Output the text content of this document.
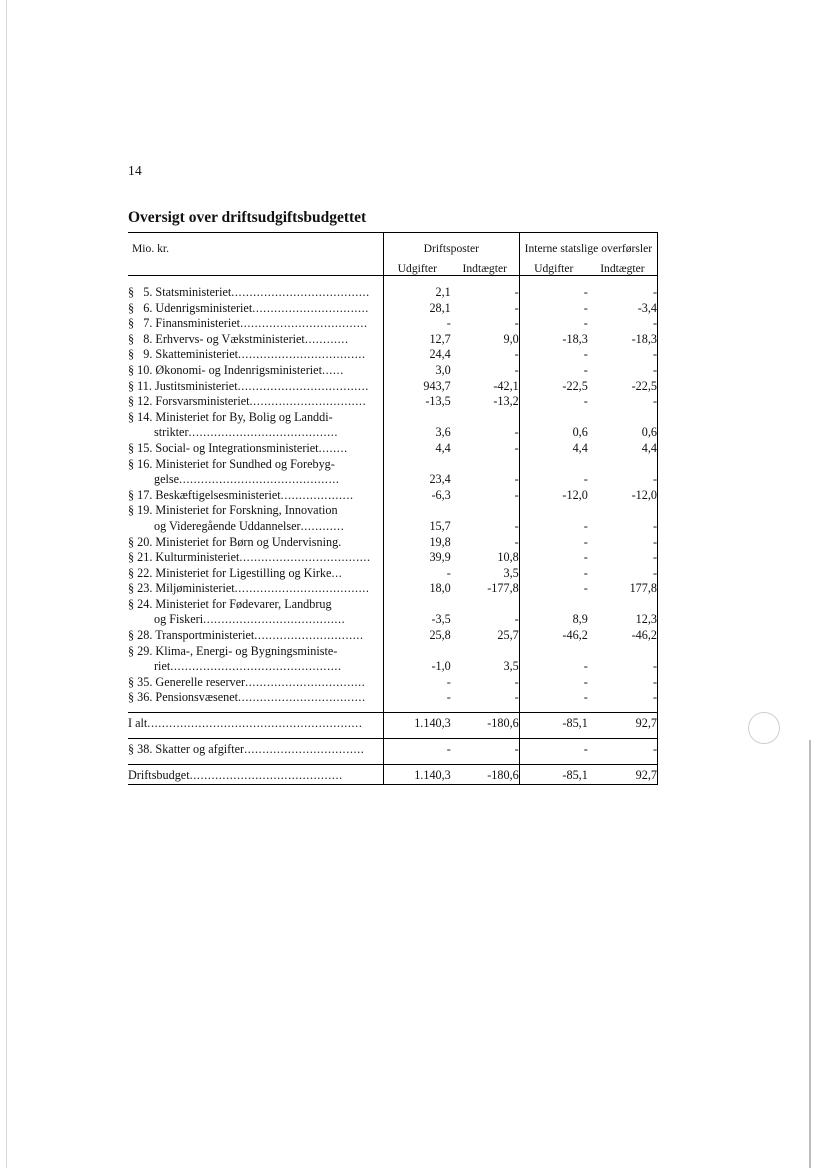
14
Oversigt over driftsudgiftsbudgettet
Mio. kr.	Driftsposter		Interne statslige overførsler	
	Udgifter	Indtægter	Udgifter	Indtægter

§   5. Statsministeriet......................................	2,1	-	-	-
§   6. Udenrigsministeriet................................	28,1	-	-	-3,4
§   7. Finansministeriet...................................	-	-	-	-
§   8. Erhvervs- og Vækstministeriet............	12,7	9,0	-18,3	-18,3
§   9. Skatteministeriet...................................	24,4	-	-	-
§ 10. Økonomi- og Indenrigsministeriet......	3,0	-	-	-
§ 11. Justitsministeriet....................................	943,7	-42,1	-22,5	-22,5
§ 12. Forsvarsministeriet................................	-13,5	-13,2	-	-
§ 14. Ministeriet for By, Bolig og Landdi-				
strikter.........................................	3,6	-	0,6	0,6
§ 15. Social- og Integrationsministeriet........	4,4	-	4,4	4,4
§ 16. Ministeriet for Sundhed og Forebyg-				
gelse............................................	23,4	-	-	-
§ 17. Beskæftigelsesministeriet....................	-6,3	-	-12,0	-12,0
§ 19. Ministeriet for Forskning, Innovation				
og Videregående Uddannelser............	15,7	-	-	-
§ 20. Ministeriet for Børn og Undervisning.	19,8	-	-	-
§ 21. Kulturministeriet....................................	39,9	10,8	-	-
§ 22. Ministeriet for Ligestilling og Kirke...	-	3,5	-	-
§ 23. Miljøministeriet.....................................	18,0	-177,8	-	177,8
§ 24. Ministeriet for Fødevarer, Landbrug				
og Fiskeri.......................................	-3,5	-	8,9	12,3
§ 28. Transportministeriet..............................	25,8	25,7	-46,2	-46,2
§ 29. Klima-, Energi- og Bygningsministe-				
riet...............................................	-1,0	3,5	-	-
§ 35. Generelle reserver.................................	-	-	-	-
§ 36. Pensionsvæsenet...................................	-	-	-	-

I alt...........................................................	1.140,3	-180,6	-85,1	92,7

§ 38. Skatter og afgifter.................................	-	-	-	-

Driftsbudget..........................................	1.140,3	-180,6	-85,1	92,7
